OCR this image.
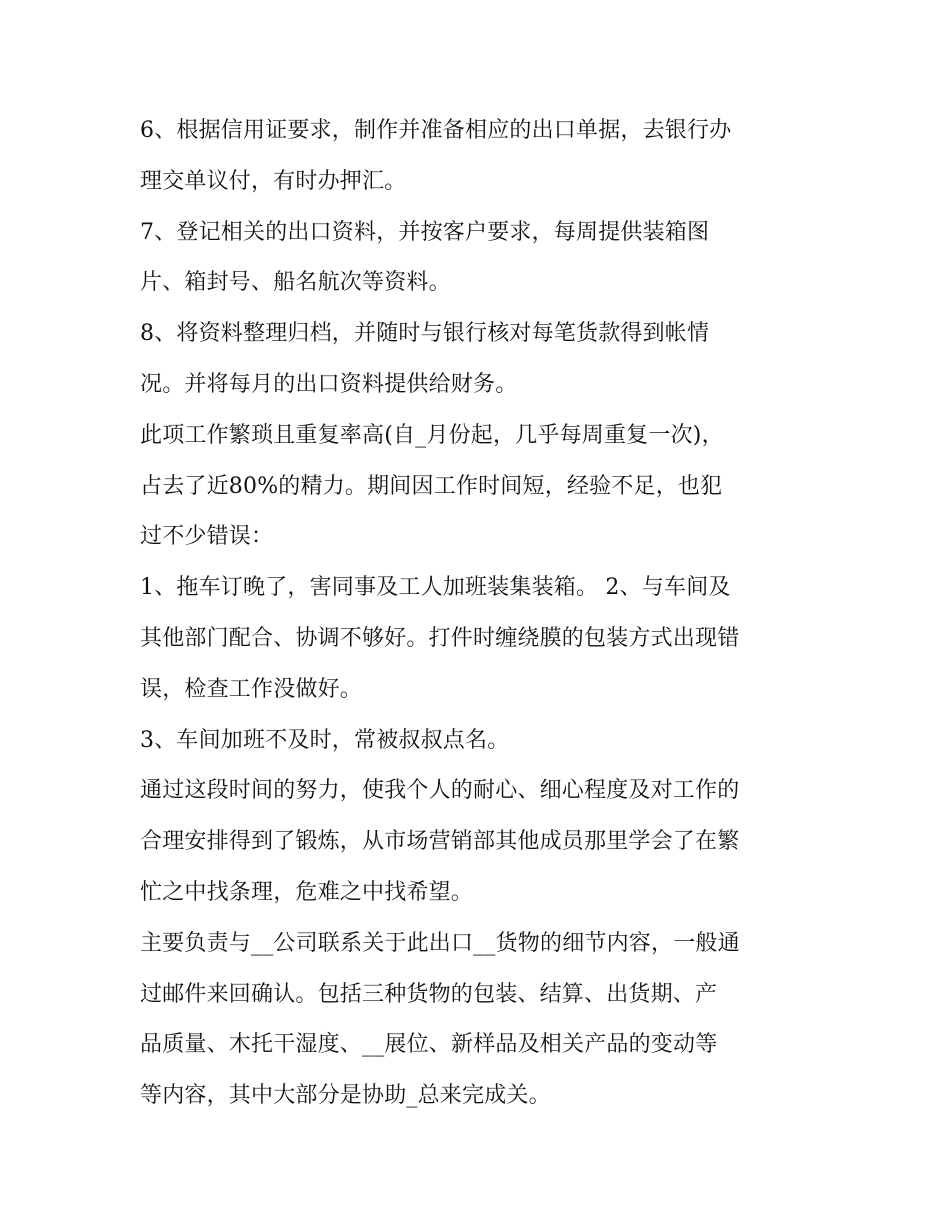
6、根据信用证要求，制作并准备相应的出口单据，去银行办
理交单议付，有时办押汇。
7、登记相关的出口资料，并按客户要求，每周提供装箱图
片、箱封号、船名航次等资料。
8、将资料整理归档，并随时与银行核对每笔货款得到帐情
况。并将每月的出口资料提供给财务。
此项工作繁琐且重复率高(自_月份起，几乎每周重复一次)，
占去了近80%的精力。期间因工作时间短，经验不足，也犯
过不少错误：
1、拖车订晚了，害同事及工人加班装集装箱。 2、与车间及
其他部门配合、协调不够好。打件时缠绕膜的包装方式出现错
误，检查工作没做好。
3、车间加班不及时，常被叔叔点名。
通过这段时间的努力，使我个人的耐心、细心程度及对工作的
合理安排得到了锻炼，从市场营销部其他成员那里学会了在繁
忙之中找条理，危难之中找希望。
主要负责与__公司联系关于此出口__货物的细节内容，一般通
过邮件来回确认。包括三种货物的包装、结算、出货期、产
品质量、木托干湿度、__展位、新样品及相关产品的变动等
等内容，其中大部分是协助_总来完成关。
